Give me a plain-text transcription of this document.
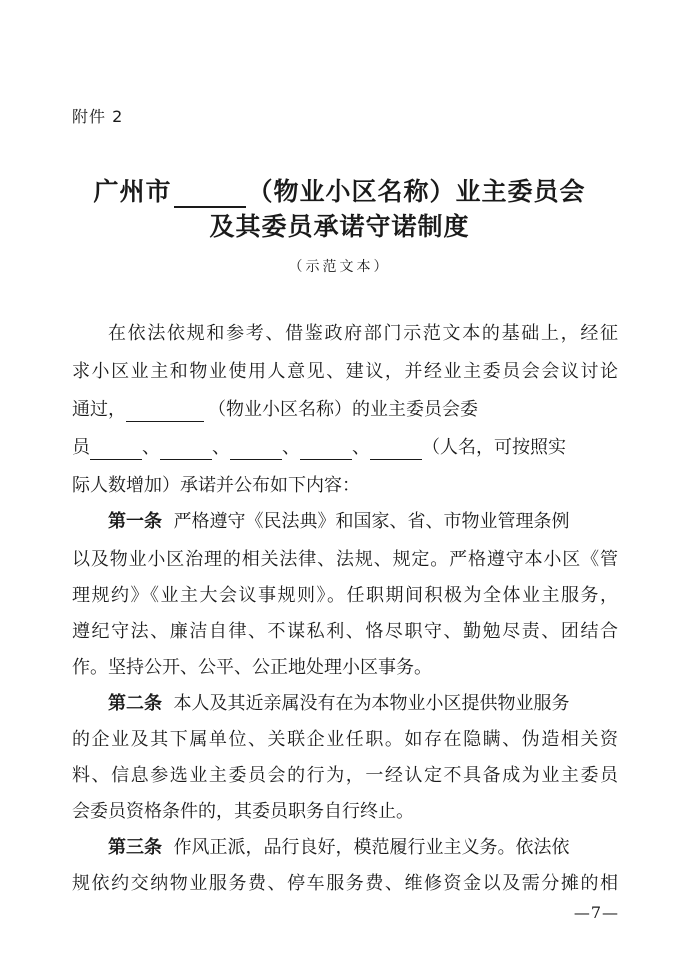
附件 2
广州市	（物业小区名称）业主委员会
及其委员承诺守诺制度
（示范文本）
在依法依规和参考、借鉴政府部门示范文本的基础上，经征
求小区业主和物业使用人意见、建议，并经业主委员会会议讨论
通过，	（物业小区名称）的业主委员会委
员	、	、	、	、	（人名，可按照实
际人数增加）承诺并公布如下内容：
第一条 严格遵守《民法典》和国家、省、市物业管理条例
以及物业小区治理的相关法律、法规、规定。严格遵守本小区《管
理规约》《业主大会议事规则》。任职期间积极为全体业主服务，
遵纪守法、廉洁自律、不谋私利、恪尽职守、勤勉尽责、团结合
作。坚持公开、公平、公正地处理小区事务。
第二条 本人及其近亲属没有在为本物业小区提供物业服务
的企业及其下属单位、关联企业任职。如存在隐瞒、伪造相关资
料、信息参选业主委员会的行为，一经认定不具备成为业主委员
会委员资格条件的，其委员职务自行终止。
第三条 作风正派，品行良好，模范履行业主义务。依法依
规依约交纳物业服务费、停车服务费、维修资金以及需分摊的相
—7—
